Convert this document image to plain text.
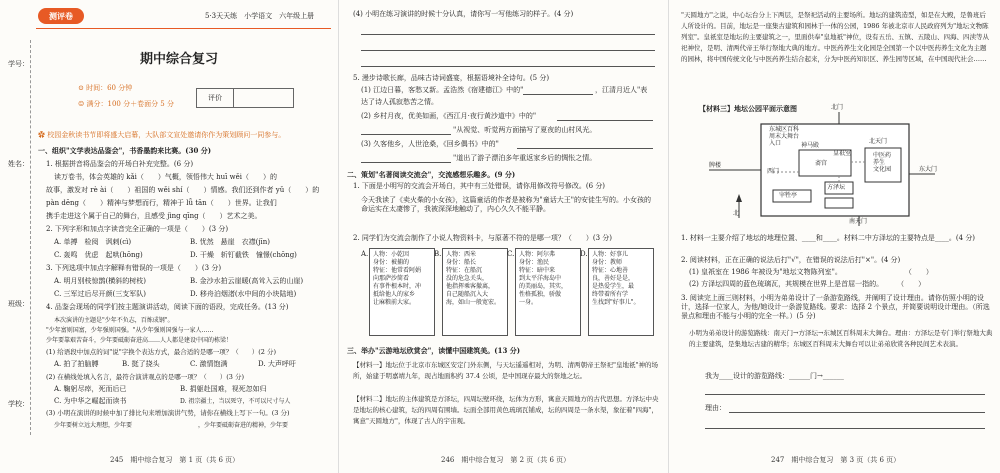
学号：
姓名：
班级：
学校：
测评卷	5·3天天练　小学语文　六年级上册
期中综合复习
⊙ 时间：60 分钟
☺ 满分：100 分＋卷面分 5 分
评价
✿ 校园金秋读书节即将盛大启幕，大队部文宣处邀请你作为策划顾问一同参与。
一、组织"文学表达品鉴会"，书香墨韵来比赛。(30 分)
1. 根据拼音将品鉴会的开场白补充完整。(6 分)
读万卷书，体会英雄的 kǎi（　　）气概，领悟伟大 huī wěi（　　）的
故事，激发对 rè ài（　　）祖国的 wěi shí（　　）情感。我们还到作者 yǔ（　　）的
pàn dēng（　　）精神与梦想而行，精神于 lǚ tān（　　）世界。让我们
携手走进这个属于自己的舞台，且感受 jìng qīng（　　）艺术之美。
2. 下列字形和加点字读音完全正确的一项是（　　）(3 分)
A. 单搏　检阅　讽刺(cì)	B. 忧然　悬崖　衣襟(jīn)
C. 轰鸣　优虑　起哄(hōng)	D. 干燥　斩钉截铁　憧憬(chōng)
3. 下列选项中加点字解释有错误的一项是（　　）(3 分)
A. 明月别枝惊鹊(横斜的树枝)	B. 金沙水拍云崖暖(高耸入云的山崖)
C. 三军过后尽开颜(三支军队)	D. 移舟泊烟渚(水中间的小块陆地)
4. 品鉴会现场的同学们按主题演讲活动，阅读下面的语段，完成任务。(13 分)
本次演讲的主题是"少年不负志，百炼成钢"。
"少年富则国富，少年强则国强。"从少年强则国强与一家人……
少年要靠艰苦奋斗，少年要砥砺奋进高……人人都是建设中国的栋梁！
(1) 给语段中加点的词"说"字换个表达方式，最合适的是哪一项？（　　）(2 分)
A. 拍了拍脑膊	B. 挺了挠头	C. 激情饱满	D. 大声呼吁
(2) 在横线处填入名言，最符合演讲观点的是哪一项？（　　）(3 分)
A. 鞠躬尽瘁，死而后已	B. 捐躯赴国难，视死忽如归
C. 为中华之崛起而读书	D. 祖宗疆土，当以死守，不可以尺寸与人
(3) 小明在演讲的时候中加了排比句来增加演讲气势，请你在横线上写下一句。(3 分)
少年要树立远大理想，少年要　　　　　　　　　　　，少年要砥砺奋进的精神，少年要
245　期中综合复习　第 1 页（共 6 页）
(4) 小明在练习演讲的时候十分认真，请你写一写他练习的样子。(4 分)
5. 漫步诗歌长廊，品味古诗词盛宴，根据语境补全诗句。(5 分)
(1) 江边日暮，客愁又新。孟浩然《宿建德江》中的"	，江清月近人"表
达了诗人孤寂愁苦之情。
(2) 乡村月夜，优美如画，《西江月·夜行黄沙道中》中的"
"从视觉、听觉两方面描写了夏夜的山村风光。
(3) 久客他乡，人世沧桑，《回乡偶书》中的"
"道出了游子漂泊多年重返家乡后的惆怅之情。
二、策划"名著阅读交流会"，交流感想乐趣多。(9 分)
1. 下面是小明写的交流会开场白，其中有三处错误，请你用修改符号修改。(6 分)
今天我读了《卖火柴的小女孩》，这篇童话的作者是被称为"童话大王"的安徒生写的。小女孩的命运实在太凄惨了，我被深深地触动了，内心久久不能平静。
2. 同学们为交流会制作了小说人物资料卡，与原著不符的是哪一项？（　　）(3 分)
A. 人物：小乾因
身份：被捕的
特征：他常看阿娟
向那萨沙简看
有事件根本时，冲
抵给他人的家乡
让麻粮前大家。
B. 人物：西米
身份：船长
特征：在船沉
没的危急关头，
他指挥乘客撤离，
自己随船沉入大
海，如山一般宽宏。
C. 人物：阿尔弗
身份：渔民
特征：暗中来
到太平洋海岛中
的美丽岛，其实，
性格孤独，骄傲
一身。
D. 人物：好事儿
身份：教师
特征：心地善
良，善好是是，
是热爱学生，最
终带着所有学
生找到"好事儿"。
三、举办"云游地坛欣赏会"，读懂中国建筑美。(13 分)
【材料一】地坛位于北京市东城区安定门外东侧，与天坛遥遥相对，为明、清两朝帝王祭祀"皇地祇"神的场所，始建于明嘉靖九年，现占地面积约 37.4 公顷，是中国现存最大的祭地之坛。
【材料二】地坛的主体建筑是方泽坛，四周坛壁环绕，坛体为方形，寓意天圆地方的古代思想。方泽坛中央是地坛的核心建筑，坛的四周有围墙。坛面全部用黄色琉璃瓦铺成，坛的四周是一条水渠，象征着"四海"，寓意"天圆地方"，体现了古人的宇宙观。
246　期中综合复习　第 2 页（共 6 页）
"天圆地方"之说，中心坛台分上下两层，是祭祀活动的主要场所。地坛的建筑造型，如是在大殿，是鲁班后人所设计的。目前，地坛是一座集古建筑和园林于一体的公园，1986 年被北京市人民政府列为"地坛文物陈列室"。皇祇室是地坛的主要建筑之一，里面供奉"皇地祇"神位，设有五岳、五镇、五陵山、四海、四渎等从祀神位，是明、清两代帝王举行祭地大典的地方。中医药养生文化园是全国第一个以中医药养生文化为主题的园林，将中国传统文化与中医药养生结合起来，分为中医药知识区、养生园等区域，在中国现代社会……
【材料三】地坛公园平面示意图	北门
东城区百科
周末大舞台
入口	神马殿
斋宫
北天门
皇祇室	中医药
养生
文化园
牌楼
西门
方泽坛
东大门
宰牲亭
南天门
北
1. 材料一主要介绍了地坛的地理位置、____和____。材料二中方泽坛的主要特点是____。(4 分)
2. 阅读材料，正在正确的说法后打"√"，在错误的说法后打"×"。(4 分)
(1) 皇祇室在 1986 年被设为"地坛文物陈列室"。　　　　　　　　　　（　　）
(2) 方泽坛四周的蓝色琉璃瓦，其规模在世界上是首屈一指的。　　　（　　）
3. 阅读完上面三则材料，小明为弟弟设计了一条游览路线，并阐明了设计理由。请你仿照小明的设计，选择一位家人，为他/她设计一条游览路线。要求：选择 2 个景点，并简要说明设计理由。（所选景点和理由不能与小明的完全一样。）(5 分)
小明为弟弟设计的游览路线：南天门→方泽坛→东城区百科周末大舞台。理由：方泽坛是专门举行祭地大典的主要建筑，是集地坛古建的精华；东城区百科周末大舞台可以让弟弟欣赏各种民间艺术表演。
我为____设计的游览路线：______门→______
理由：
247　期中综合复习　第 3 页（共 6 页）
